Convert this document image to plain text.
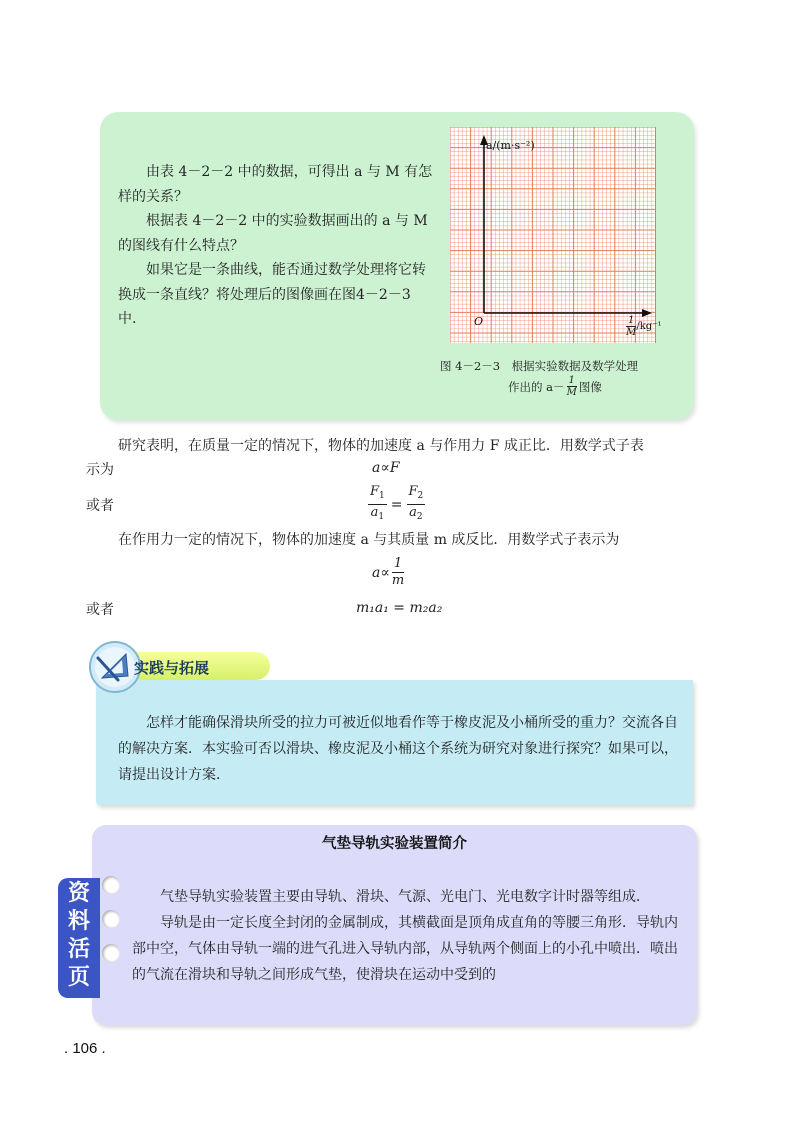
由表 4－2－2 中的数据，可得出 a 与 M 有怎样的关系？

根据表 4－2－2 中的实验数据画出的 a 与 M 的图线有什么特点？

如果它是一条曲线，能否通过数学处理将它转换成一条直线？将处理后的图像画在图4－2－3 中.

a/(m·s⁻²)
O	$\frac{1}{M} /kg^{-1}$
图 4－2－3　根据实验数据及数学处理
作出的 $a- \frac{1}{M}$ 图像
研究表明，在质量一定的情况下，物体的加速度 a 与作用力 F 成正比．用数学式子表
示为	a∝F
或者	$\frac{F_1}{a_1} = \frac{F_2}{a_2}$
在作用力一定的情况下，物体的加速度 a 与其质量 m 成反比．用数学式子表示为
$a\propto \frac{1}{m}$
或者	m₁a₁ = m₂a₂
实践与拓展

怎样才能确保滑块所受的拉力可被近似地看作等于橡皮泥及小桶所受的重力？交流各自的解决方案．本实验可否以滑块、橡皮泥及小桶这个系统为研究对象进行探究？如果可以，请提出设计方案．

资料活页
气垫导轨实验装置简介

气垫导轨实验装置主要由导轨、滑块、气源、光电门、光电数字计时器等组成．

导轨是由一定长度全封闭的金属制成，其横截面是顶角成直角的等腰三角形．导轨内部中空，气体由导轨一端的进气孔进入导轨内部，从导轨两个侧面上的小孔中喷出．喷出的气流在滑块和导轨之间形成气垫，使滑块在运动中受到的

. 106 .
